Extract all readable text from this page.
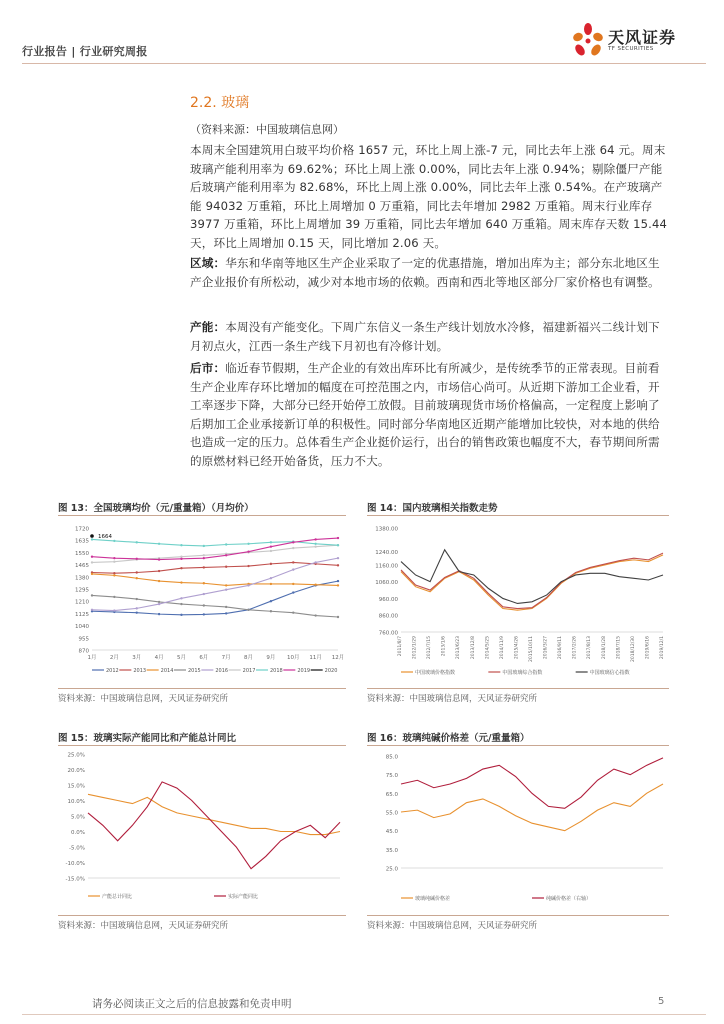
行业报告 | 行业研究周报
天风证券
TF SECURITIES
2.2. 玻璃
（资料来源：中国玻璃信息网）
本周末全国建筑用白玻平均价格 1657 元，环比上周上涨-7 元，同比去年上涨 64 元。周末玻璃产能利用率为 69.62%；环比上周上涨 0.00%，同比去年上涨 0.94%；剔除僵尸产能后玻璃产能利用率为 82.68%，环比上周上涨 0.00%，同比去年上涨 0.54%。在产玻璃产能 94032 万重箱，环比上周增加 0 万重箱，同比去年增加 2982 万重箱。周末行业库存 3977 万重箱，环比上周增加 39 万重箱，同比去年增加 640 万重箱。周末库存天数 15.44 天，环比上周增加 0.15 天，同比增加 2.06 天。
区域：华东和华南等地区生产企业采取了一定的优惠措施，增加出库为主；部分东北地区生产企业报价有所松动，减少对本地市场的依赖。西南和西北等地区部分厂家价格也有调整。
产能：本周没有产能变化。下周广东信义一条生产线计划放水冷修，福建新福兴二线计划下月初点火，江西一条生产线下月初也有冷修计划。
后市：临近春节假期，生产企业的有效出库环比有所减少，是传统季节的正常表现。目前看生产企业库存环比增加的幅度在可控范围之内，市场信心尚可。从近期下游加工企业看，开工率逐步下降，大部分已经开始停工放假。目前玻璃现货市场价格偏高，一定程度上影响了后期加工企业承接新订单的积极性。同时部分华南地区近期产能增加比较快，对本地的供给也造成一定的压力。总体看生产企业挺价运行，出台的销售政策也幅度不大，春节期间所需的原燃材料已经开始备货，压力不大。
图 13：全国玻璃均价（元/重量箱）（月均价）
1720
1635
1550
1465
1380
1295
1210
1125
1040
955
870
1月 2月 3月 4月 5月 6月 7月 8月 9月 10月 11月 12月
1664
2012	2013	2014	2015	2016	2017	2018	2019	2020
资料来源：中国玻璃信息网，天风证券研究所
图 14：国内玻璃相关指数走势
1380.00
1240.00
1160.00
1060.00
960.00
860.00
760.00
2011/8/7 2012/1/29 2012/7/15 2013/1/6 2013/6/23 2013/12/8 2014/5/25 2014/11/9 2015/4/26 2015/10/11 2016/3/27 2016/9/11 2017/2/26 2017/8/13 2018/1/28 2018/7/15 2018/12/30 2019/6/16 2019/12/1
中国玻璃价格指数	中国玻璃综合指数	中国玻璃信心指数
资料来源：中国玻璃信息网，天风证券研究所
图 15：玻璃实际产能同比和产能总计同比
25.0%
20.0%
15.0%
10.0%
5.0%
0.0%
-5.0%
-10.0%
-15.0%
产能总计同比	实际产能同比
资料来源：中国玻璃信息网，天风证券研究所
图 16：玻璃纯碱价格差（元/重量箱）
85.0
75.0
65.0
55.0
45.0
35.0
25.0
玻璃纯碱价格差	纯碱价格差（右轴）
资料来源：中国玻璃信息网，天风证券研究所
请务必阅读正文之后的信息披露和免责申明	5
